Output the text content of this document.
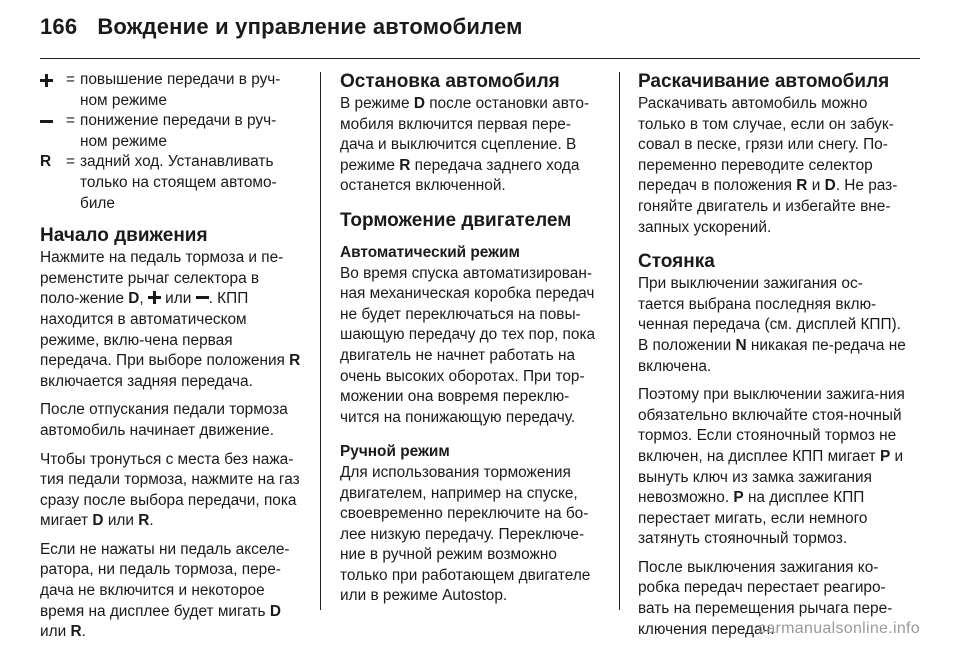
166 Вождение и управление автомобилем
= повышение передачи в руч-
ном режиме
= понижение передачи в руч-
ном режиме
R = задний ход. Устанавливать
только на стоящем автомо-
биле
Начало движения

Нажмите на педаль тормоза и пе-ременстите рычаг селектора в поло-жение D, или . КПП находится в автоматическом режиме, вклю-чена первая передача. При выборе положения R включается задняя передача.

После отпускания педали тормоза автомобиль начинает движение.

Чтобы тронуться с места без нажа-тия педали тормоза, нажмите на газ сразу после выбора передачи, пока мигает D или R.

Если не нажаты ни педаль акселе-ратора, ни педаль тормоза, пере-дача не включится и некоторое время на дисплее будет мигать D или R.

Остановка автомобиля

В режиме D после остановки авто-мобиля включится первая пере-дача и выключится сцепление. В режиме R передача заднего хода останется включенной.

Торможение двигателем
Автоматический режим

Во время спуска автоматизирован-ная механическая коробка передач не будет переключаться на повы-шающую передачу до тех пор, пока двигатель не начнет работать на очень высоких оборотах. При тор-можении она вовремя переклю-чится на понижающую передачу.

Ручной режим

Для использования торможения двигателем, например на спуске, своевременно переключите на бо-лее низкую передачу. Переключе-ние в ручной режим возможно только при работающем двигателе или в режиме Autostop.

Раскачивание автомобиля

Раскачивать автомобиль можно только в том случае, если он забук-совал в песке, грязи или снегу. По-переменно переводите селектор передач в положения R и D. Не раз-гоняйте двигатель и избегайте вне-запных ускорений.

Стоянка

При выключении зажигания ос-тается выбрана последняя вклю-ченная передача (см. дисплей КПП). В положении N никакая пе-редача не включена.

Поэтому при выключении зажига-ния обязательно включайте стоя-ночный тормоз. Если стояночный тормоз не включен, на дисплее КПП мигает P и вынуть ключ из замка зажигания невозможно. P на дисплее КПП перестает мигать, если немного затянуть стояночный тормоз.

После выключения зажигания ко-робка передач перестает реагиро-вать на перемещения рычага пере-ключения передач.

carmanualsonline.info
